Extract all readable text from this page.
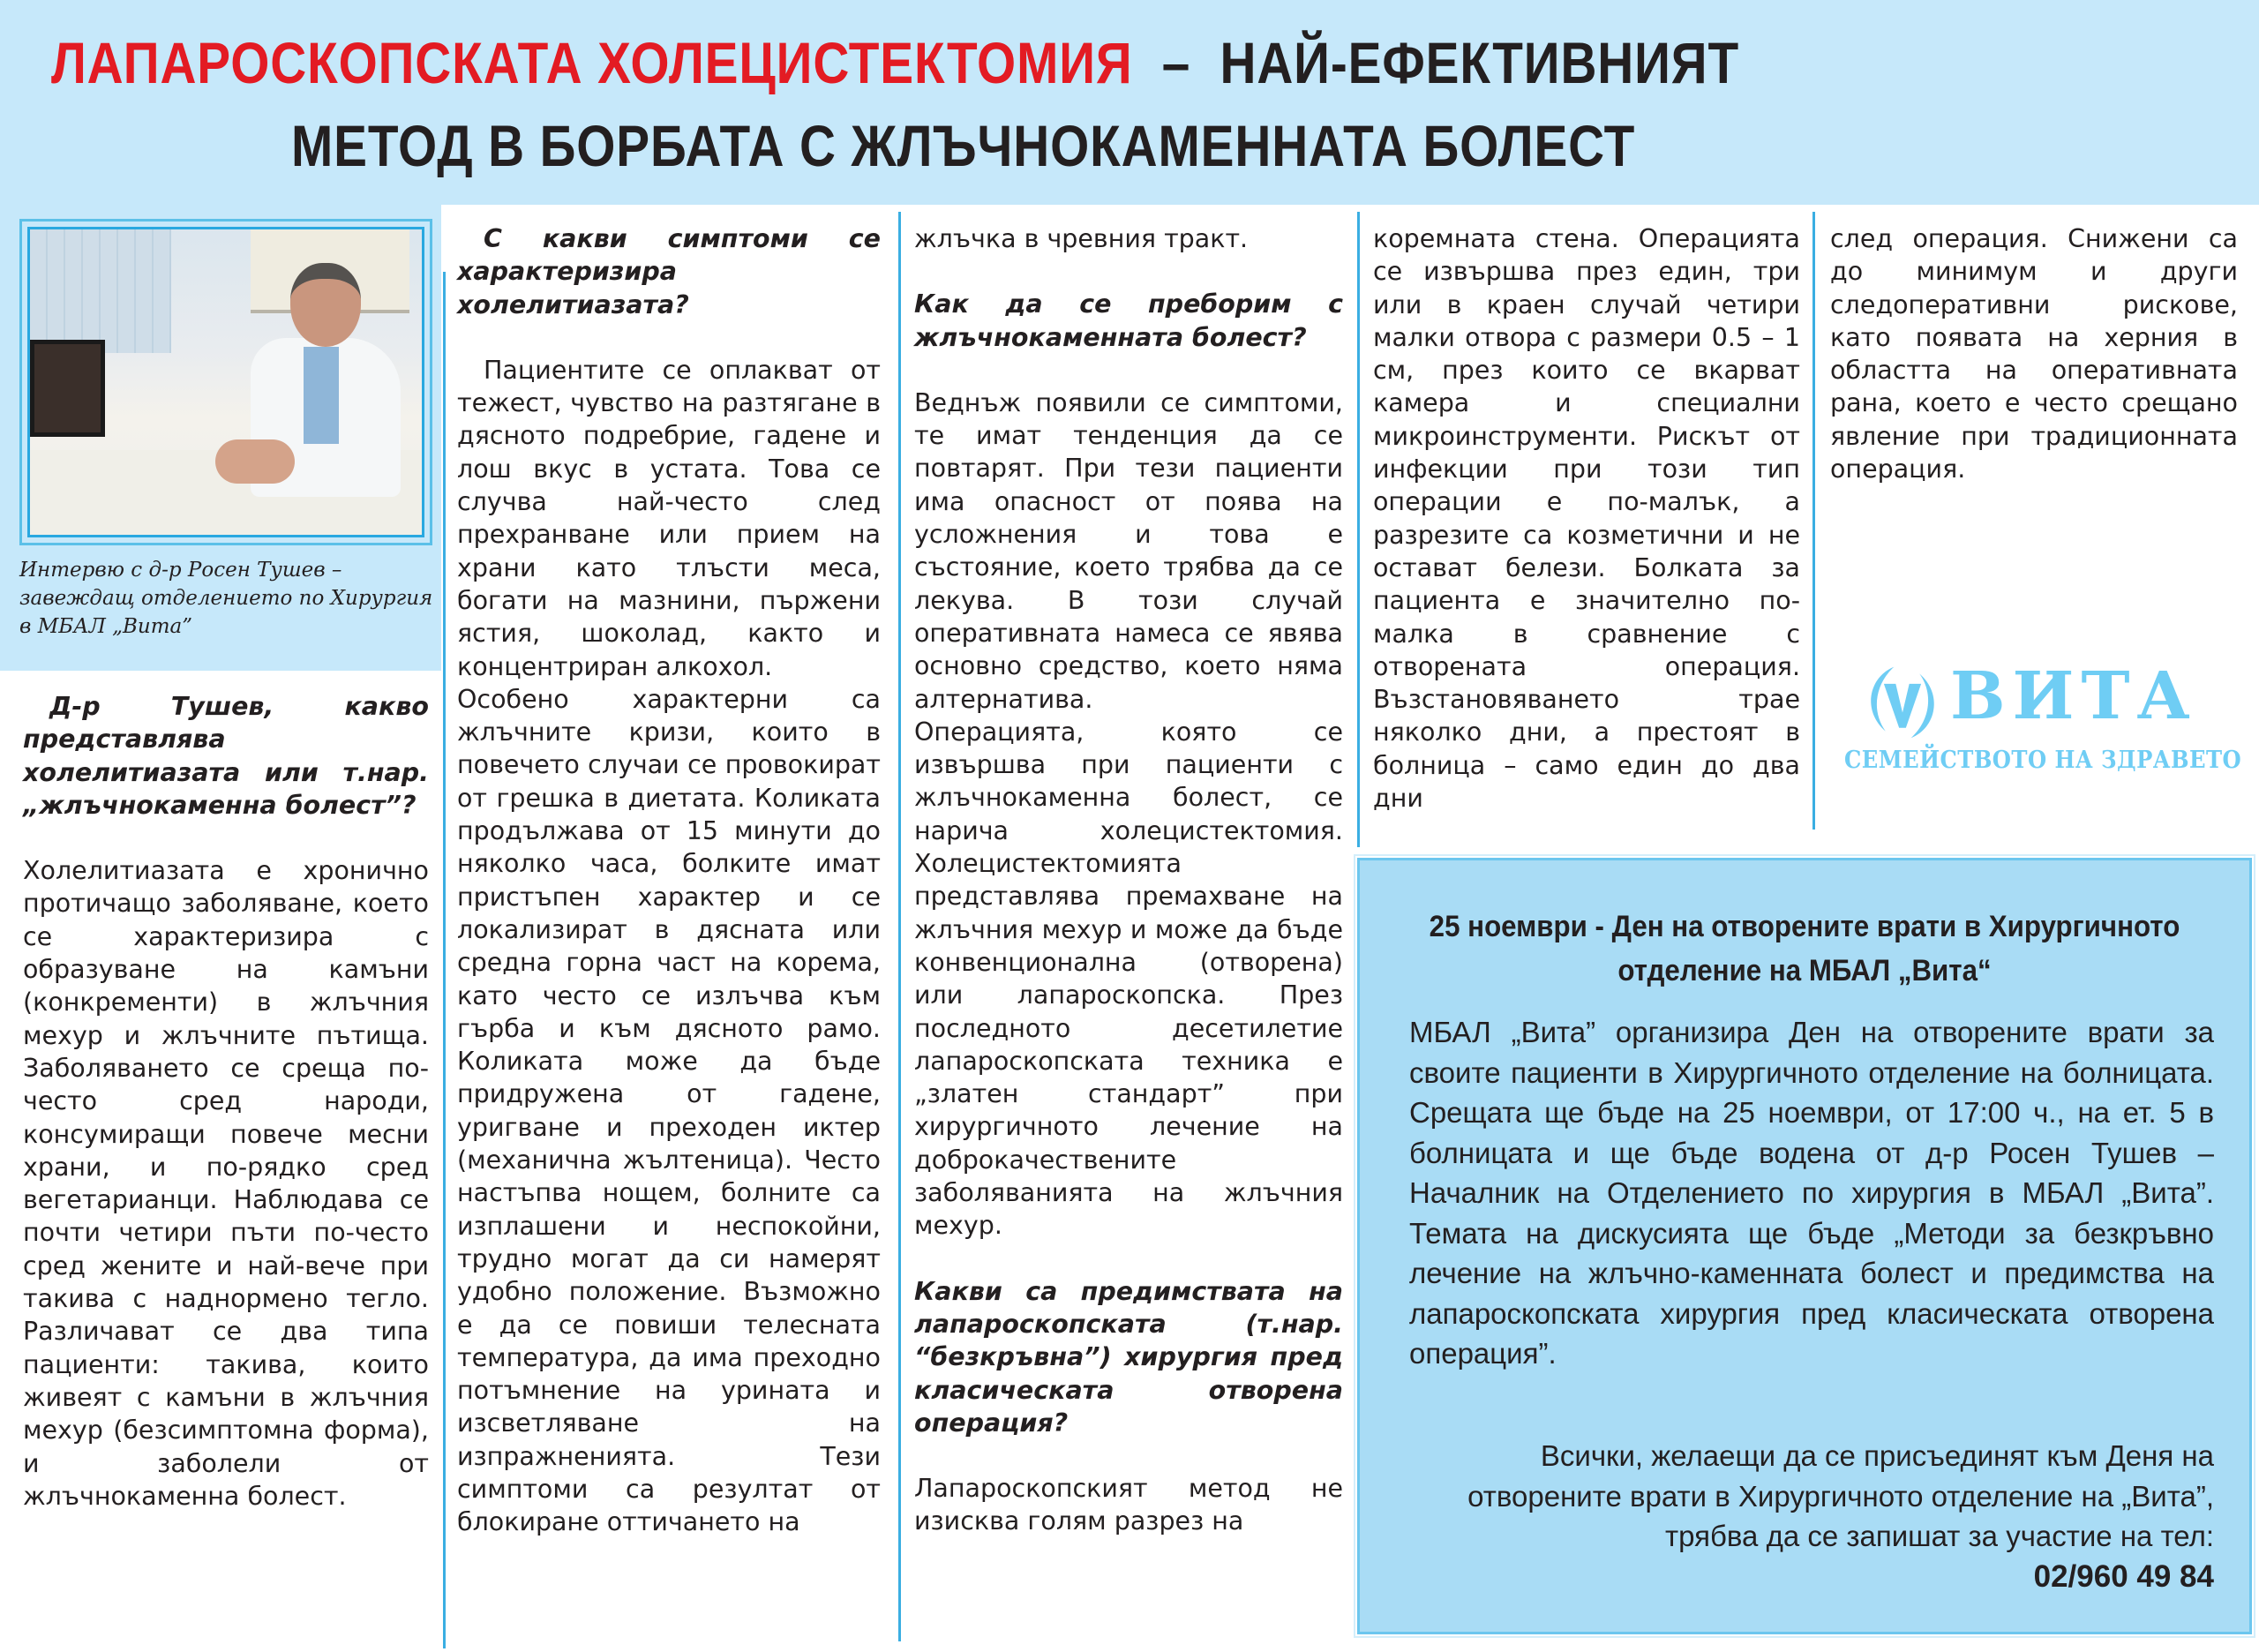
ЛАПАРОСКОПСКАТА ХОЛЕЦИСТЕКТОМИЯ  –  НАЙ-ЕФЕКТИВНИЯТ
МЕТОД В БОРБАТА С ЖЛЪЧНОКАМЕННАТА БОЛЕСТ
Интервю с д-р Росен Тушев – завеждащ отделението по Хирургия в МБАЛ „Вита”

Д-р Тушев, какво представлява холелитиазата или т.нар. „жлъчнокаменна болест”?

Холелитиазата е хронично протичащо заболяване, което се характеризира с образуване на камъни (конкременти) в жлъчния мехур и жлъчните пътища. Заболяването се среща по-често сред народи, консумиращи повече месни храни, и по-рядко сред вегетарианци. Наблюдава се почти четири пъти по-често сред жените и най-вече при такива с наднормено тегло. Различават се два типа пациенти: такива, които живеят с камъни в жлъчния мехур (безсимптомна форма), и заболели от жлъчнокаменна болест.

С какви симптоми се характеризира холелитиазата?

Пациентите се оплакват от тежест, чувство на разтягане в дясното подребрие, гадене и лош вкус в устата. Това се случва най-често след прехранване или прием на храни като тлъсти меса, богати на мазнини, пържени ястия, шоколад, както и концентриран алкохол.

Особено характерни са жлъчните кризи, които в повечето случаи се провокират от грешка в диетата. Коликата продължава от 15 минути до няколко часа, болките имат пристъпен характер и се локализират в дясната или средна горна част на корема, като често се излъчва към гърба и към дясното рамо. Коликата може да бъде придружена от гадене, уригване и преходен иктер (механична жълтеница). Често настъпва нощем, болните са изплашени и неспокойни, трудно могат да си намерят удобно положение. Възможно е да се повиши телесната температура, да има преходно потъмнение на урината и изсветляване на изпражненията. Тези симптоми са резултат от блокиране оттичането на

жлъчка в чревния тракт.

Как да се преборим с жлъчнокаменната болест?

Веднъж появили се симптоми, те имат тенденция да се повтарят. При тези пациенти има опасност от поява на усложнения и това е състояние, което трябва да се лекува. В този случай оперативната намеса се явява основно средство, което няма алтернатива.

Операцията, която се извършва при пациенти с жлъчнокаменна болест, се нарича холецистектомия. Холецистектомията представлява премахване на жлъчния мехур и може да бъде конвенционална (отворена) или лапароскопска. През последното десетилетие лапароскопската техника е „златен стандарт” при хирургичното лечение на доброкачествените заболяванията на жлъчния мехур.

Какви са предимствата на лапароскопската (т.нар. “безкръвна”) хирургия пред класическата отворена операция?

Лапароскопският метод не изисква голям разрез на

коремната стена. Операцията се извършва през един, три или в краен случай четири малки отвора с размери 0.5 – 1 см, през които се вкарват камера и специални микроинструменти. Рискът от инфекции при този тип операции е по-малък, а разрезите са козметични и не остават белези. Болката за пациента е значително по-малка в сравнение с отворената операция. Възстановяването трае няколко дни, а престоят в болница – само един до два дни

след операция. Снижени са до минимум и други следоперативни рискове, като появата на херния в областта на оперативната рана, което е често срещано явление при традиционната операция.

ВИТА
СЕМЕЙСТВОТО НА ЗДРАВЕТО
25 ноември - Ден на отворените врати в Хирургичното отделение на МБАЛ „Вита“
МБАЛ „Вита” организира Ден на отворените врати за своите пациенти в Хирургичното отделение на болницата. Срещата ще бъде на 25 ноември, от 17:00 ч., на ет. 5 в болницата и ще бъде водена от д-р Росен Тушев – Началник на Отделението по хирургия в МБАЛ „Вита”. Темата на дискусията ще бъде „Методи за безкръвно лечение на жлъчно-каменната болест и предимства на лапароскопската хирургия пред класическата отворена операция”.
Всички, желаещи да се присъединят към Деня на отворените врати в Хирургичното отделение на „Вита”, трябва да се запишат за участие на тел:
02/960 49 84
